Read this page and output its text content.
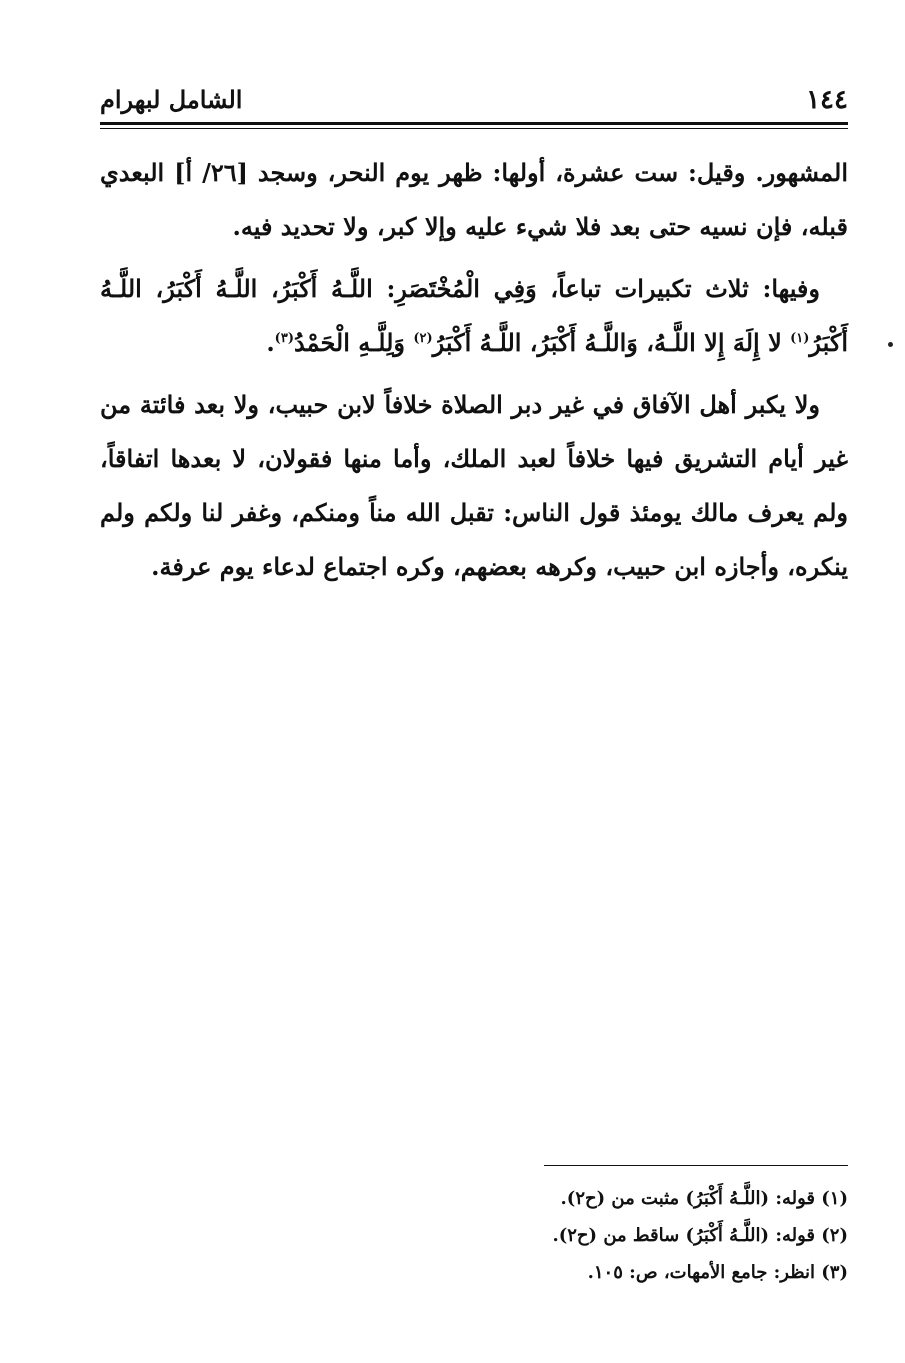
١٤٤
الشامل لبهرام

المشهور. وقيل: ست عشرة، أولها: ظهر يوم النحر، وسجد [٢٦/ أ] البعدي قبله، فإن نسيه حتى بعد فلا شيء عليه وإلا كبر، ولا تحديد فيه.

وفيها: ثلاث تكبيرات تباعاً، وَفِي الْمُخْتَصَرِ: اللَّـهُ أَكْبَرُ، اللَّـهُ أَكْبَرُ، اللَّـهُ أَكْبَرُ$^{(١)}$ لا إِلَهَ إِلا اللَّـهُ، وَاللَّـهُ أَكْبَرُ، اللَّـهُ أَكْبَرُ$^{(٢)}$ وَلِلَّـهِ الْحَمْدُ$^{(٣)}$.

ولا يكبر أهل الآفاق في غير دبر الصلاة خلافاً لابن حبيب، ولا بعد فائتة من غير أيام التشريق فيها خلافاً لعبد الملك، وأما منها فقولان، لا بعدها اتفاقاً، ولم يعرف مالك يومئذ قول الناس: تقبل الله مناً ومنكم، وغفر لنا ولكم ولم ينكره، وأجازه ابن حبيب، وكرهه بعضهم، وكره اجتماع لدعاء يوم عرفة.

(١) قوله: (اللَّـهُ أَكْبَرُ) مثبت من (ح٢).

(٢) قوله: (اللَّـهُ أَكْبَرُ) ساقط من (ح٢).

(٣) انظر: جامع الأمهات، ص: ١٠٥.
